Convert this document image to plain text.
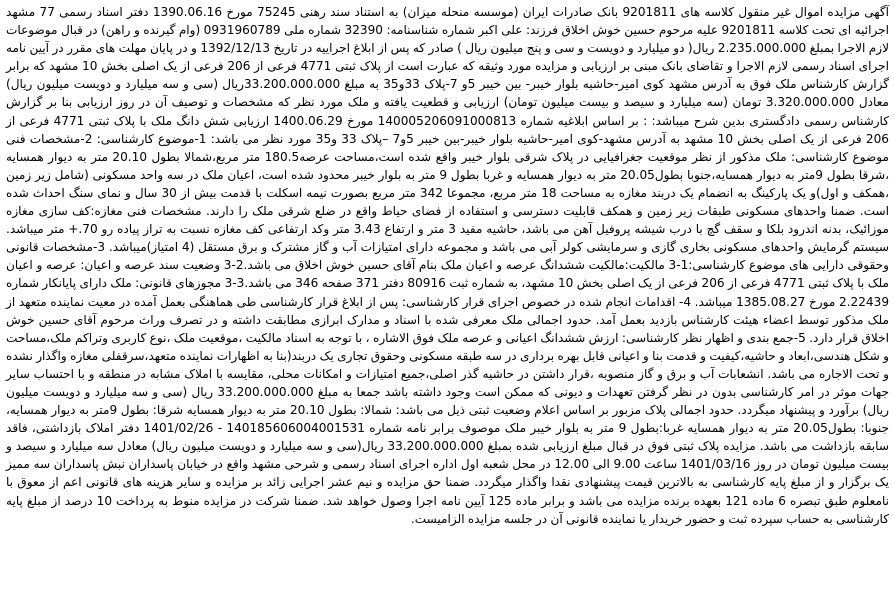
آگهی مزایده اموال غیر منقول کلاسه های 9201811 بانک صادرات ایران (موسسه منحله میزان) به استناد سند رهنی 75245 مورخ 1390.06.16 دفتر اسناد رسمی 77 مشهد اجرائیه ای تحت کلاسه 9201811 علیه مرحوم حسین خوش اخلاق فرزند: علی اکبر شماره شناسنامه: 32390 شماره ملی 0931960789 (وام گیرنده و راهن) در قبال موضوعات لازم الاجرا بمبلغ 2.235.000.000 ریال( دو میلیارد و دویست و سی و پنج میلیون ریال ) صادر که پس از ابلاغ اجراییه در تاریخ 1392/12/13 و در پایان مهلت های مقرر در آیین نامه اجرای اسناد رسمی لازم الاجرا و تقاضای بانک مبنی بر ارزیابی و مزایده مورد وثیقه که عبارت است از پلاک ثبتی 4771 فرعی از 206 فرعی از یک اصلی بخش 10 مشهد که برابر گزارش کارشناس ملک فوق به آدرس مشهد کوی امیر-حاشیه بلوار خیبر- بین خیبر 5و 7-پلاک 33و35 به مبلغ 33.200.000.000ریال (سی و سه میلیارد و دویست میلیون ریال) معادل 3.320.000.000 تومان (سه میلیارد و سیصد و بیست میلیون تومان) ارزیابی و قطعیت یافته و ملک مورد نظر که مشخصات و توصیف آن در روز ارزیابی بنا بر گزارش کارشناس رسمی دادگستری بدین شرح میباشد: : بر اساس ابلاغیه شماره 140005206091000813 مورخ 1400.06.29 ارزیابی شش دانگ ملک با پلاک ثبتی 4771 فرعی از 206 فرعی از یک اصلی بخش 10 مشهد به آدرس مشهد-کوی امیر-حاشیه بلوار خیبر-بین خیبر 5و7 –پلاک 33 و35 مورد نظر می باشد: 1-موضوع کارشناسی: 2-مشخصات فنی موضوع کارشناسی: ملک مذکور از نظر موقعیت جغرافیایی در پلاک شرقی بلوار خیبر واقع شده است،مساحت عرصه180.5 متر مربع،شمالا بطول 20.10 متر به دیوار همسایه ،شرقا بطول 9متر به دیوار همسایه،جنوبا بطول20.05 متر به دیوار همسایه و غربا بطول 9 متر به بلوار خیبر محدود شده است، اعیان ملک در سه واحد مسکونی (شامل زیر زمین ،همکف و اول)و یک پارکینگ به انضمام یک دربند مغازه به مساحت 18 متر مربع، مجموعا 342 متر مربع بصورت نیمه اسکلت با قدمت بیش از 30 سال و نمای سنگ احداث شده است. ضمنا واحدهای مسکونی طبقات زیر زمین و همکف قابلیت دسترسی و استفاده از فضای حیاط واقع در ضلع شرقی ملک را دارند. مشخصات فنی مغازه:کف سازی مغازه موزائیک، بدنه اندرود بلکا و سقف گچ با درب شیشه پروفیل آهن می باشد، حاشیه مفید 3 متر و ارتفاع 3.43 متر وکد ارتفاعی کف مغازه نسبت به تراز پیاده رو 70.+ متر میباشد. سیستم گرمایش واحدهای مسکونی بخاری گازی و سرمایشی کولر آبی می باشد و مجموعه دارای امتیازات آب و گاز مشترک و برق مستقل (4 امتیاز)میباشد. 3-مشخصات قانونی وحقوقی دارایی های موضوع کارشناسی:1-3 مالکیت:مالکیت ششدانگ عرصه و اعیان ملک بنام آقای حسین خوش اخلاق می باشد.2-3 وضعیت سند عرصه و اعیان: عرصه و اعیان ملک با پلاک ثبتی 4771 فرعی از 206 فرعی از یک اصلی بخش 10 مشهد، به شماره ثبت 80916 دفتر 371 صفحه 346 می باشد.3-3 مجوزهای قانونی: ملک دارای پایانکار شماره 2.22439 مورخ 1385.08.27 میباشد. 4- اقدامات انجام شده در خصوص اجرای قرار کارشناسی: پس از ابلاغ قرار کارشناسی طی هماهنگی بعمل آمده در معیت نماینده متعهد از ملک مذکور توسط اعضاء هیئت کارشناس بازدید بعمل آمد. حدود اجمالی ملک معرفی شده با اسناد و مدارک ابرازی مطابقت داشته و در تصرف وراث مرحوم آقای حسین خوش اخلاق قرار دارد. 5-جمع بندی و اظهار نظر کارشناسی: ارزش ششدانگ اعیانی و عرصه ملک فوق الاشاره ، با توجه به اسناد مالکیت ،موقعیت ملک ،نوع کاربری وتراکم ملک،مساحت و شکل هندسی،ابعاد و حاشیه،کیفیت و قدمت بنا و اعیانی قابل بهره برداری در سه طبقه مسکونی وحقوق تجاری یک دربند(بنا به اظهارات نماینده متعهد،سرقفلی مغازه واگذار نشده و تحت الاجاره می باشد. انشعابات آب و برق و گاز منصوبه ،قرار داشتن در حاشیه گذر اصلی،جمیع امتیازات و امکانات محلی، مقایسه با املاک مشابه در منطقه و با احتساب سایر جهات موثر در امر کارشناسی بدون در نظر گرفتن تعهدات و دیونی که ممکن است وجود داشته باشد جمعا به مبلغ 33.200.000.000 ریال (سی و سه میلیارد و دویست میلیون ریال) برآورد و پیشنهاد میگردد. حدود اجمالی پلاک مزبور بر اساس اعلام وضعیت ثبتی ذیل می باشد: شمالا: بطول 20.10 متر به دیوار همسایه شرقا: بطول 9متر به دیوار همسایه، جنوبا: بطول20.05 متر به دیوار همسایه غربا:بطول 9 متر به بلوار خیبر ملک موصوف برابر نامه شماره 140185606004001531 - 1401/02/26 دفتر املاک بازداشتی، فاقد سابقه بازداشت می باشد. مزایده پلاک ثبتی فوق در قبال مبلغ ارزیابی شده بمبلغ 33.200.000.000 ریال(سی و سه میلیارد و دویست میلیون ریال) معادل سه میلیارد و سیصد و بیست میلیون تومان در روز 1401/03/16 ساعت 9.00 الی 12.00 در محل شعبه اول اداره اجرای اسناد رسمی و شرحی مشهد واقع در خیابان پاسداران نبش پاسداران سه ممیز یک برگزار و از مبلغ پایه کارشناسی به بالاترین قیمت پیشنهادی نقدا واگذار میگردد. ضمنا حق مزایده و نیم عشر اجرایی زائد بر مزایده و سایر هزینه های قانونی اعم از معوق با نامعلوم طبق تبصره 6 ماده 121 بعهده برنده مزایده می باشد و برابر ماده 125 آیین نامه اجرا وصول خواهد شد. ضمنا شرکت در مزایده منوط به پرداخت 10 درصد از مبلغ پایه کارشناسی به حساب سپرده ثبت و حضور خریدار یا نماینده قانونی آن در جلسه مزایده الزامیست.
